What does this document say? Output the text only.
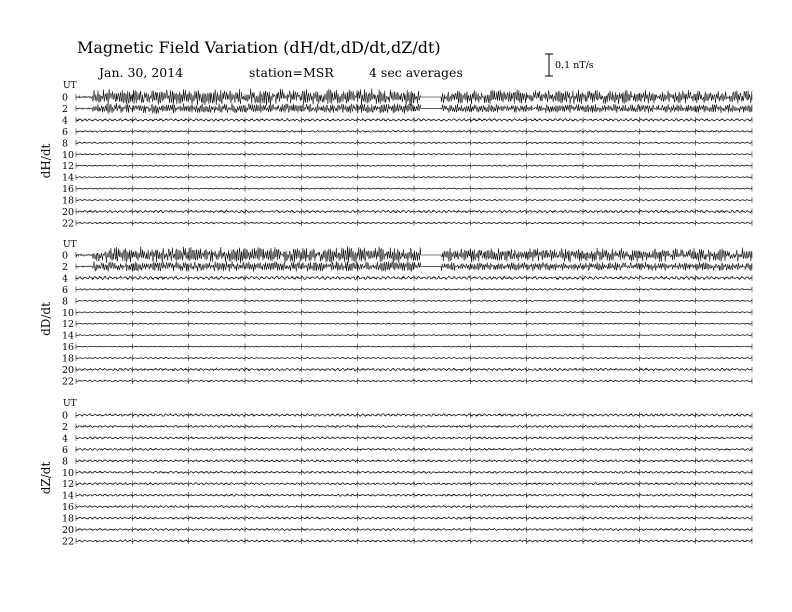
Magnetic Field Variation (dH/dt,dD/dt,dZ/dt)
Jan. 30, 2014	station=MSR	4 sec averages	0.1 nT/s
UT
dH/dt
0
2
4
6
8
10
12
14
16
18
20
22
UT
dD/dt
0
2
4
6
8
10
12
14
16
18
20
22
UT
dZ/dt
0
2
4
6
8
10
12
14
16
18
20
22
